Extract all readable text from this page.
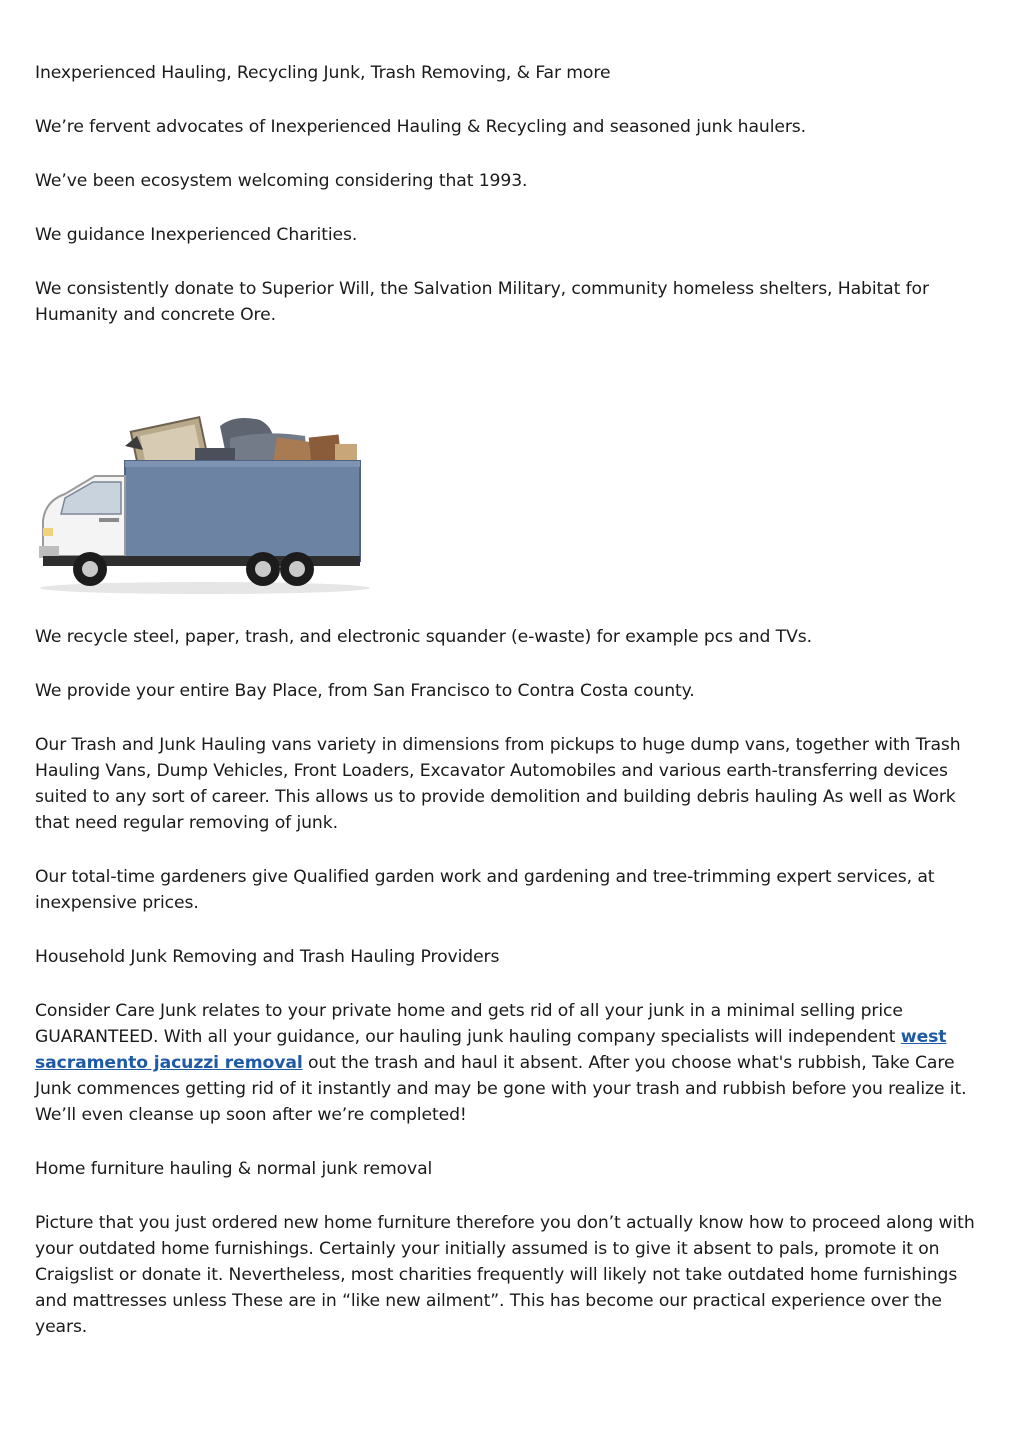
Inexperienced Hauling, Recycling Junk, Trash Removing, & Far more

We’re fervent advocates of Inexperienced Hauling & Recycling and seasoned junk haulers.

We’ve been ecosystem welcoming considering that 1993.

We guidance Inexperienced Charities.

We consistently donate to Superior Will, the Salvation Military, community homeless shelters, Habitat for Humanity and concrete Ore.

We recycle steel, paper, trash, and electronic squander (e-waste) for example pcs and TVs.

We provide your entire Bay Place, from San Francisco to Contra Costa county.

Our Trash and Junk Hauling vans variety in dimensions from pickups to huge dump vans, together with Trash Hauling Vans, Dump Vehicles, Front Loaders, Excavator Automobiles and various earth-transferring devices suited to any sort of career. This allows us to provide demolition and building debris hauling As well as Work that need regular removing of junk.

Our total-time gardeners give Qualified garden work and gardening and tree-trimming expert services, at inexpensive prices.

Household Junk Removing and Trash Hauling Providers

Consider Care Junk relates to your private home and gets rid of all your junk in a minimal selling price GUARANTEED. With all your guidance, our hauling junk hauling company specialists will independent west sacramento jacuzzi removal out the trash and haul it absent. After you choose what's rubbish, Take Care Junk commences getting rid of it instantly and may be gone with your trash and rubbish before you realize it. We’ll even cleanse up soon after we’re completed!

Home furniture hauling & normal junk removal

Picture that you just ordered new home furniture therefore you don’t actually know how to proceed along with your outdated home furnishings. Certainly your initially assumed is to give it absent to pals, promote it on Craigslist or donate it. Nevertheless, most charities frequently will likely not take outdated home furnishings and mattresses unless These are in “like new ailment”. This has become our practical experience over the years.
